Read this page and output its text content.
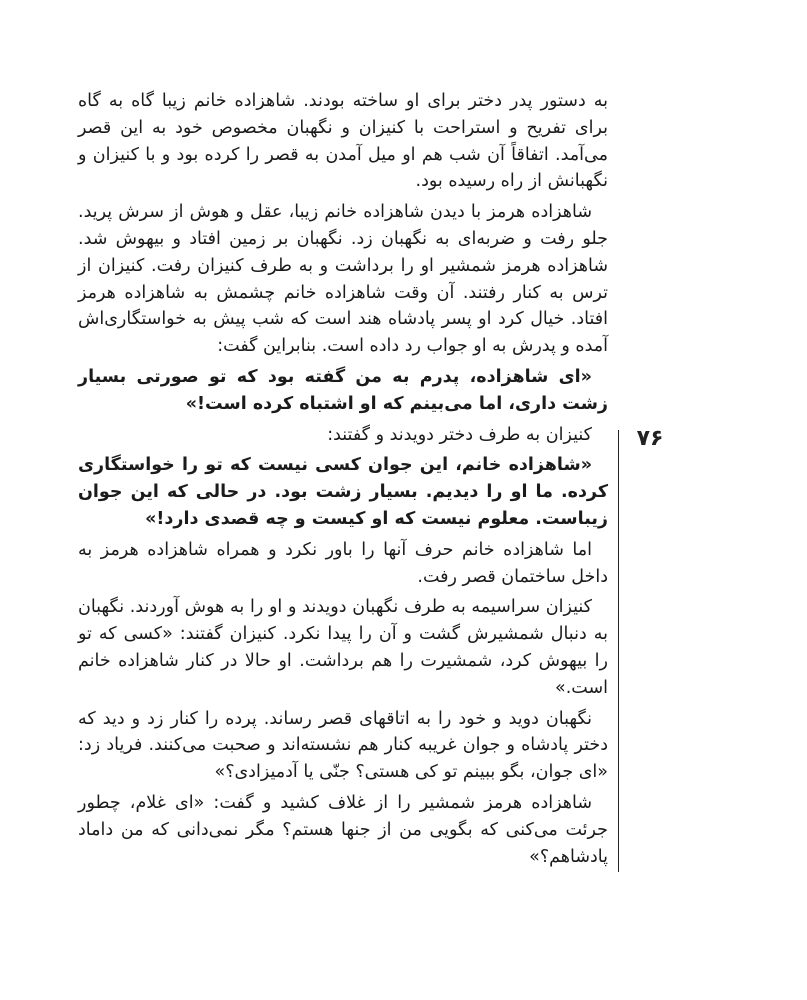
به دستور پدر دختر برای او ساخته بودند. شاهزاده خانم زیبا گاه به گاه برای تفریح و استراحت با کنیزان و نگهبان مخصوص خود به این قصر می‌آمد. اتفاقاً آن شب هم او میل آمدن به قصر را کرده بود و با کنیزان و نگهبانش از راه رسیده بود.

شاهزاده هرمز با دیدن شاهزاده خانم زیبا، عقل و هوش از سرش پرید. جلو رفت و ضربه‌ای به نگهبان زد. نگهبان بر زمین افتاد و بیهوش شد. شاهزاده هرمز شمشیر او را برداشت و به طرف کنیزان رفت. کنیزان از ترس به کنار رفتند. آن وقت شاهزاده خانم چشمش به شاهزاده هرمز افتاد. خیال کرد او پسر پادشاه هند است که شب پیش به خواستگاری‌اش آمده و پدرش به او جواب رد داده است. بنابراین گفت:

«ای شاهزاده، پدرم به من گفته بود که تو صورتی بسیار زشت داری، اما می‌بینم که او اشتباه کرده است!»

کنیزان به طرف دختر دویدند و گفتند:

«شاهزاده خانم، این جوان کسی نیست که تو را خواستگاری کرده. ما او را دیدیم. بسیار زشت بود. در حالی که این جوان زیباست. معلوم نیست که او کیست و چه قصدی دارد!»

اما شاهزاده خانم حرف آنها را باور نکرد و همراه شاهزاده هرمز به داخل ساختمان قصر رفت.

کنیزان سراسیمه به طرف نگهبان دویدند و او را به هوش آوردند. نگهبان به دنبال شمشیرش گشت و آن را پیدا نکرد. کنیزان گفتند: «کسی که تو را بیهوش کرد، شمشیرت را هم برداشت. او حالا در کنار شاهزاده خانم است.»

نگهبان دوید و خود را به اتاقهای قصر رساند. پرده را کنار زد و دید که دختر پادشاه و جوان غریبه کنار هم نشسته‌اند و صحبت می‌کنند. فریاد زد: «ای جوان، بگو ببینم تو کی هستی؟ جنّی یا آدمیزادی؟»

شاهزاده هرمز شمشیر را از غلاف کشید و گفت: «ای غلام، چطور جرئت می‌کنی که بگویی من از جنها هستم؟ مگر نمی‌دانی که من داماد پادشاهم؟»

۷۶
